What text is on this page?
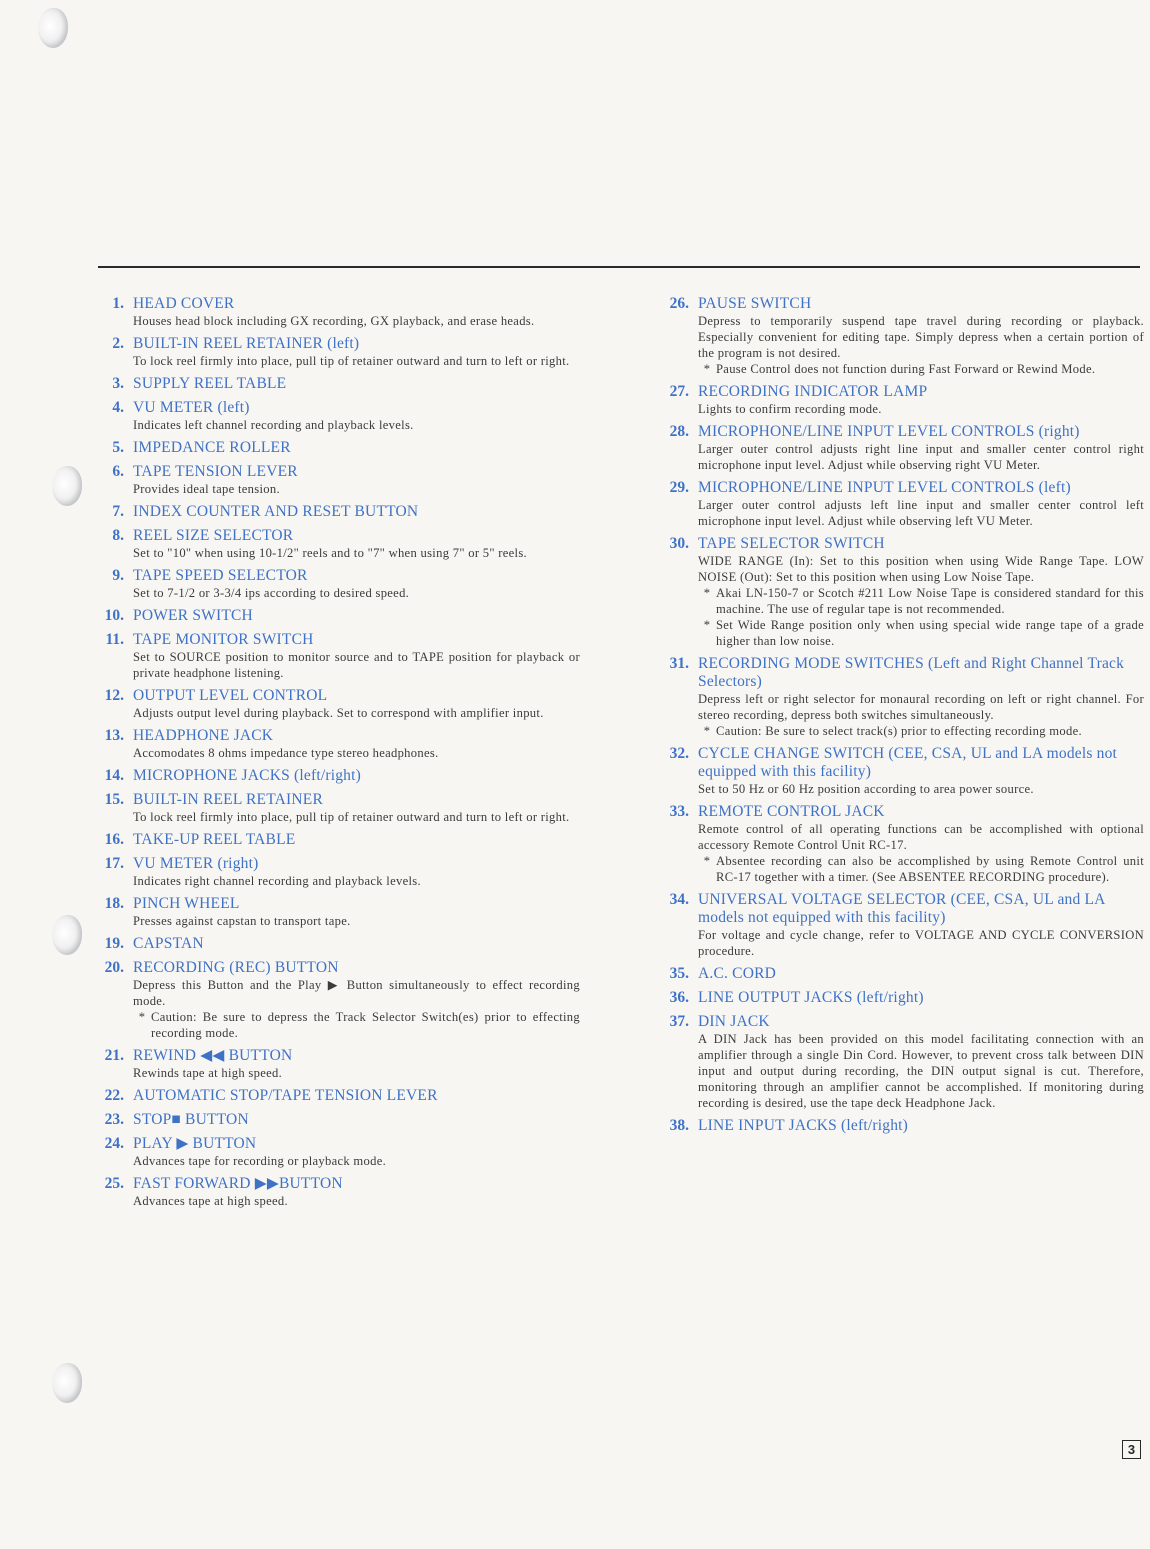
1. HEAD COVER
Houses head block including GX recording, GX playback, and erase heads.
2. BUILT-IN REEL RETAINER (left)
To lock reel firmly into place, pull tip of retainer outward and turn to left or right.
3. SUPPLY REEL TABLE
4. VU METER (left)
Indicates left channel recording and playback levels.
5. IMPEDANCE ROLLER
6. TAPE TENSION LEVER
Provides ideal tape tension.
7. INDEX COUNTER AND RESET BUTTON
8. REEL SIZE SELECTOR
Set to "10" when using 10-1/2" reels and to "7" when using 7" or 5" reels.
9. TAPE SPEED SELECTOR
Set to 7-1/2 or 3-3/4 ips according to desired speed.
10. POWER SWITCH
11. TAPE MONITOR SWITCH
Set to SOURCE position to monitor source and to TAPE position for playback or private headphone listening.
12. OUTPUT LEVEL CONTROL
Adjusts output level during playback. Set to correspond with amplifier input.
13. HEADPHONE JACK
Accomodates 8 ohms impedance type stereo headphones.
14. MICROPHONE JACKS (left/right)
15. BUILT-IN REEL RETAINER
To lock reel firmly into place, pull tip of retainer outward and turn to left or right.
16. TAKE-UP REEL TABLE
17. VU METER (right)
Indicates right channel recording and playback levels.
18. PINCH WHEEL
Presses against capstan to transport tape.
19. CAPSTAN
20. RECORDING (REC) BUTTON
Depress this Button and the Play ▶ Button simultaneously to effect recording mode.
* Caution: Be sure to depress the Track Selector Switch(es) prior to effecting recording mode.
21. REWIND ◀◀ BUTTON
Rewinds tape at high speed.
22. AUTOMATIC STOP/TAPE TENSION LEVER
23. STOP■ BUTTON
24. PLAY ▶ BUTTON
Advances tape for recording or playback mode.
25. FAST FORWARD ▶▶BUTTON
Advances tape at high speed.
26. PAUSE SWITCH
Depress to temporarily suspend tape travel during recording or playback. Especially convenient for editing tape. Simply depress when a certain portion of the program is not desired.
* Pause Control does not function during Fast Forward or Rewind Mode.
27. RECORDING INDICATOR LAMP
Lights to confirm recording mode.
28. MICROPHONE/LINE INPUT LEVEL CONTROLS (right)
Larger outer control adjusts right line input and smaller center control right microphone input level. Adjust while observing right VU Meter.
29. MICROPHONE/LINE INPUT LEVEL CONTROLS (left)
Larger outer control adjusts left line input and smaller center control left microphone input level. Adjust while observing left VU Meter.
30. TAPE SELECTOR SWITCH
WIDE RANGE (In): Set to this position when using Wide Range Tape. LOW NOISE (Out): Set to this position when using Low Noise Tape.
* Akai LN-150-7 or Scotch #211 Low Noise Tape is considered standard for this machine. The use of regular tape is not recommended.
* Set Wide Range position only when using special wide range tape of a grade higher than low noise.
31. RECORDING MODE SWITCHES (Left and Right Channel Track Selectors)
Depress left or right selector for monaural recording on left or right channel. For stereo recording, depress both switches simultaneously.
* Caution: Be sure to select track(s) prior to effecting recording mode.
32. CYCLE CHANGE SWITCH (CEE, CSA, UL and LA models not equipped with this facility)
Set to 50 Hz or 60 Hz position according to area power source.
33. REMOTE CONTROL JACK
Remote control of all operating functions can be accomplished with optional accessory Remote Control Unit RC-17.
* Absentee recording can also be accomplished by using Remote Control unit RC-17 together with a timer. (See ABSENTEE RECORDING procedure).
34. UNIVERSAL VOLTAGE SELECTOR (CEE, CSA, UL and LA models not equipped with this facility)
For voltage and cycle change, refer to VOLTAGE AND CYCLE CONVERSION procedure.
35. A.C. CORD
36. LINE OUTPUT JACKS (left/right)
37. DIN JACK
A DIN Jack has been provided on this model facilitating connection with an amplifier through a single Din Cord. However, to prevent cross talk between DIN input and output during recording, the DIN output signal is cut. Therefore, monitoring through an amplifier cannot be accomplished. If monitoring during recording is desired, use the tape deck Headphone Jack.
38. LINE INPUT JACKS (left/right)
3
